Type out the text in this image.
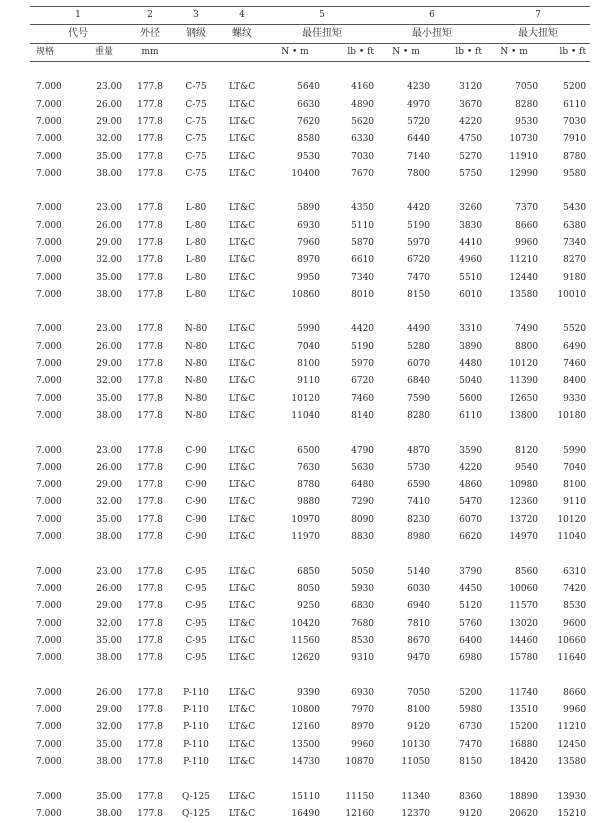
1		2	3	4	5		6		7	
代号		外径	钢级	螺纹	最佳扭矩		最小扭矩		最大扭矩	
规格	重量	mm			N • m	lb • ft	N • m	lb • ft	N • m	lb • ft

7.000	23.00	177.8	C-75	LT&C	5640	4160	4230	3120	7050	5200
7.000	26.00	177.8	C-75	LT&C	6630	4890	4970	3670	8280	6110
7.000	29.00	177.8	C-75	LT&C	7620	5620	5720	4220	9530	7030
7.000	32.00	177.8	C-75	LT&C	8580	6330	6440	4750	10730	7910
7.000	35.00	177.8	C-75	LT&C	9530	7030	7140	5270	11910	8780
7.000	38.00	177.8	C-75	LT&C	10400	7670	7800	5750	12990	9580

7.000	23.00	177.8	L-80	LT&C	5890	4350	4420	3260	7370	5430
7.000	26.00	177.8	L-80	LT&C	6930	5110	5190	3830	8660	6380
7.000	29.00	177.8	L-80	LT&C	7960	5870	5970	4410	9960	7340
7.000	32.00	177.8	L-80	LT&C	8970	6610	6720	4960	11210	8270
7.000	35.00	177.8	L-80	LT&C	9950	7340	7470	5510	12440	9180
7.000	38.00	177.8	L-80	LT&C	10860	8010	8150	6010	13580	10010

7.000	23.00	177.8	N-80	LT&C	5990	4420	4490	3310	7490	5520
7.000	26.00	177.8	N-80	LT&C	7040	5190	5280	3890	8800	6490
7.000	29.00	177.8	N-80	LT&C	8100	5970	6070	4480	10120	7460
7.000	32.00	177.8	N-80	LT&C	9110	6720	6840	5040	11390	8400
7.000	35.00	177.8	N-80	LT&C	10120	7460	7590	5600	12650	9330
7.000	38.00	177.8	N-80	LT&C	11040	8140	8280	6110	13800	10180

7.000	23.00	177.8	C-90	LT&C	6500	4790	4870	3590	8120	5990
7.000	26.00	177.8	C-90	LT&C	7630	5630	5730	4220	9540	7040
7.000	29.00	177.8	C-90	LT&C	8780	6480	6590	4860	10980	8100
7.000	32.00	177.8	C-90	LT&C	9880	7290	7410	5470	12360	9110
7.000	35.00	177.8	C-90	LT&C	10970	8090	8230	6070	13720	10120
7.000	38.00	177.8	C-90	LT&C	11970	8830	8980	6620	14970	11040

7.000	23.00	177.8	C-95	LT&C	6850	5050	5140	3790	8560	6310
7.000	26.00	177.8	C-95	LT&C	8050	5930	6030	4450	10060	7420
7.000	29.00	177.8	C-95	LT&C	9250	6830	6940	5120	11570	8530
7.000	32.00	177.8	C-95	LT&C	10420	7680	7810	5760	13020	9600
7.000	35.00	177.8	C-95	LT&C	11560	8530	8670	6400	14460	10660
7.000	38.00	177.8	C-95	LT&C	12620	9310	9470	6980	15780	11640

7.000	26.00	177.8	P-110	LT&C	9390	6930	7050	5200	11740	8660
7.000	29.00	177.8	P-110	LT&C	10800	7970	8100	5980	13510	9960
7.000	32.00	177.8	P-110	LT&C	12160	8970	9120	6730	15200	11210
7.000	35.00	177.8	P-110	LT&C	13500	9960	10130	7470	16880	12450
7.000	38.00	177.8	P-110	LT&C	14730	10870	11050	8150	18420	13580

7.000	35.00	177.8	Q-125	LT&C	15110	11150	11340	8360	18890	13930
7.000	38.00	177.8	Q-125	LT&C	16490	12160	12370	9120	20620	15210
